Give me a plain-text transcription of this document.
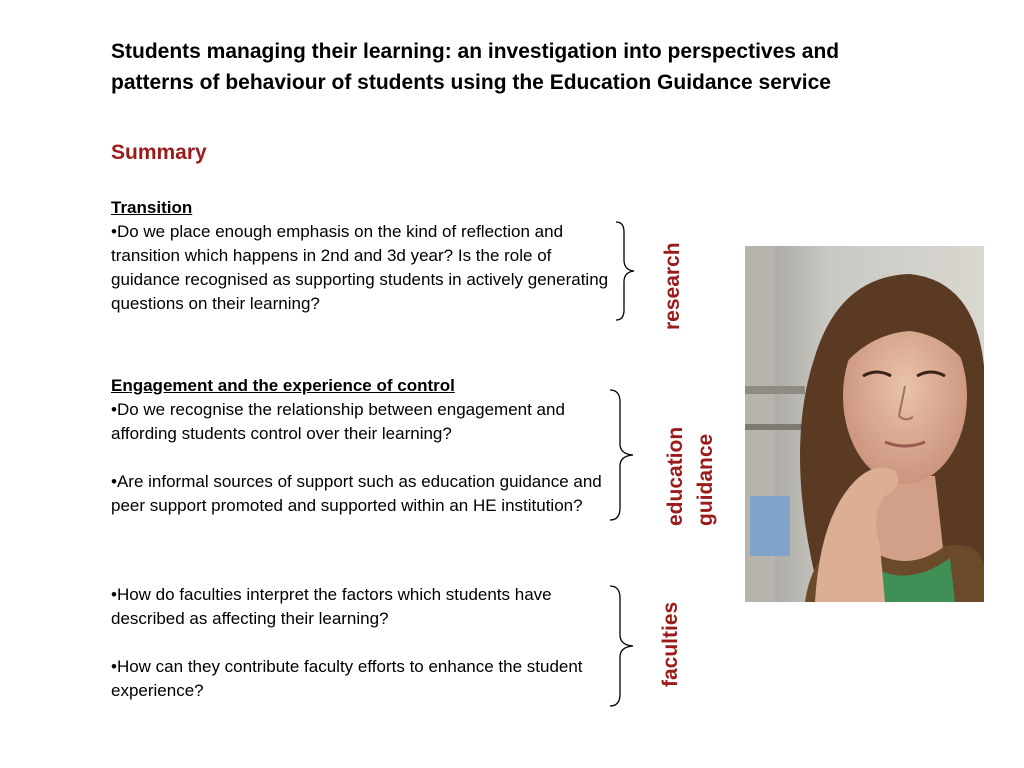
Students managing their learning: an investigation into perspectives and patterns of behaviour of students using the Education Guidance service
Summary

Transition

•Do we place enough emphasis on the kind of reflection and transition which happens in 2nd and 3d year? Is the role of guidance recognised as supporting students in actively generating questions on their learning?

Engagement and the experience of control

•Do we recognise the relationship between engagement and affording students control over their learning?

•Are informal sources of support such as education guidance and peer support promoted and supported within an HE institution?

•How do faculties interpret the factors which students have described as affecting their learning?

•How can they contribute faculty efforts to enhance the student experience?

research
education guidance
faculties
